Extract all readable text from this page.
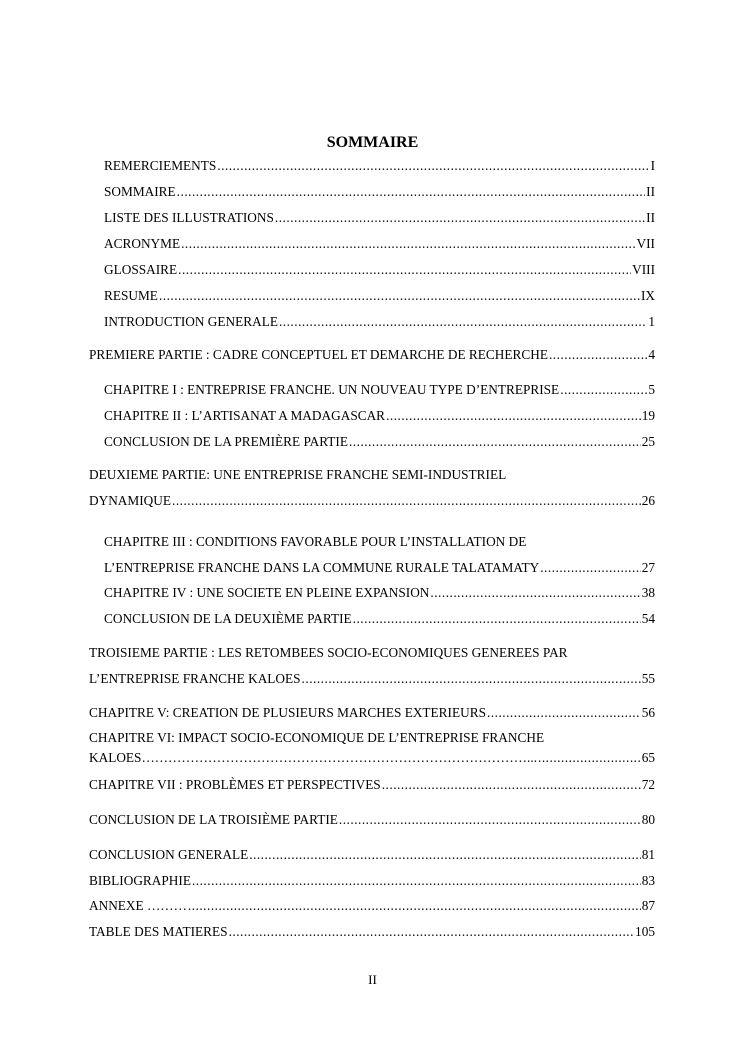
SOMMAIRE
REMERCIEMENTS .....	I
SOMMAIRE .....	II
LISTE DES ILLUSTRATIONS .....	II
ACRONYME .....	VII
GLOSSAIRE .....	VIII
RESUME .....	IX
INTRODUCTION GENERALE .....	1
PREMIERE PARTIE : CADRE CONCEPTUEL ET DEMARCHE DE RECHERCHE .....	4
CHAPITRE I : ENTREPRISE FRANCHE. UN NOUVEAU TYPE D’ENTREPRISE .....	5
CHAPITRE II : L’ARTISANAT A MADAGASCAR .....	19
CONCLUSION DE LA PREMIÈRE PARTIE .....	25
DEUXIEME PARTIE: UNE ENTREPRISE FRANCHE SEMI-INDUSTRIEL
DYNAMIQUE .....	26
CHAPITRE III : CONDITIONS FAVORABLE POUR L’INSTALLATION DE
L’ENTREPRISE FRANCHE DANS LA COMMUNE RURALE TALATAMATY .....	27
CHAPITRE IV : UNE SOCIETE EN PLEINE EXPANSION .....	38
CONCLUSION DE LA DEUXIÈME PARTIE .....	54
TROISIEME PARTIE : LES RETOMBEES SOCIO-ECONOMIQUES GENEREES PAR
L’ENTREPRISE FRANCHE KALOES .....	55
CHAPITRE V: CREATION DE PLUSIEURS MARCHES EXTERIEURS .....	56
CHAPITRE VI: IMPACT SOCIO-ECONOMIQUE DE L’ENTREPRISE FRANCHE
KALOES……………………………………………………………………………... .....	65
CHAPITRE VII : PROBLÈMES ET PERSPECTIVES .....	72
CONCLUSION DE LA TROISIÈME PARTIE .....	80
CONCLUSION GENERALE .....	81
BIBLIOGRAPHIE .....	83
ANNEXE ……… .....	87
TABLE DES MATIERES .....	105
II
